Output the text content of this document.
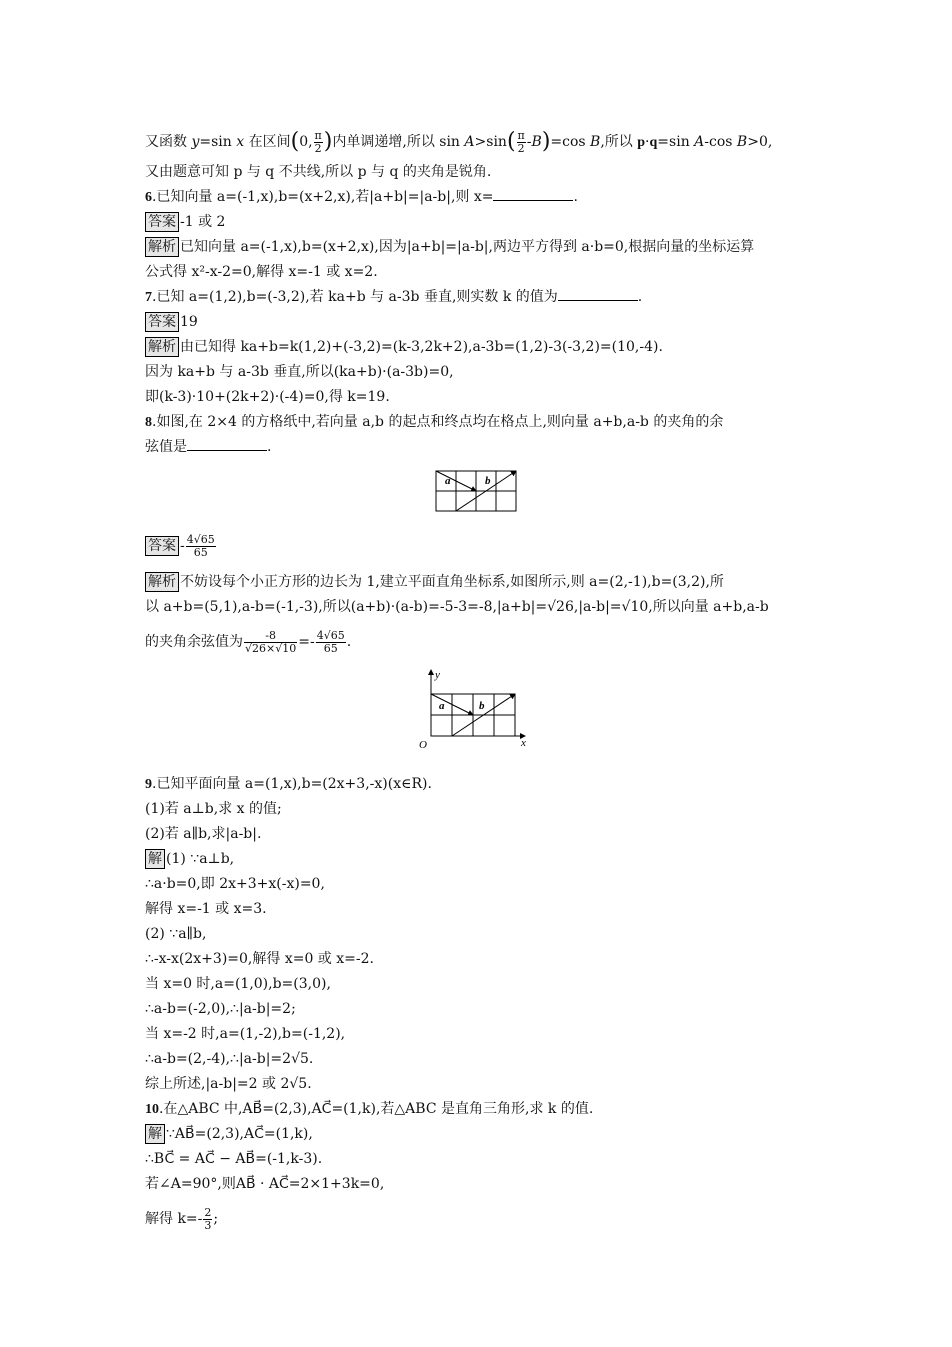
又函数 y=sin x 在区间(0, $\frac{\pi}{2}$ )内单调递增,所以 $\sin A>\sin( \frac{\pi}{2} -B)=\cos$ B,所以 p·q=sin A-cos B>0,
又由题意可知 p 与 q 不共线,所以 p 与 q 的夹角是锐角.
6.已知向量 a=(-1,x),b=(x+2,x),若|a+b|=|a-b|,则 x=	.
答案 -1 或 2
解析 已知向量 a=(-1,x),b=(x+2,x),因为|a+b|=|a-b|,两边平方得到 a·b=0,根据向量的坐标运算
公式得 x²-x-2=0,解得 x=-1 或 x=2.
7.已知 a=(1,2),b=(-3,2),若 ka+b 与 a-3b 垂直,则实数 k 的值为	.
答案 19
解析 由已知得 ka+b=k(1,2)+(-3,2)=(k-3,2k+2),a-3b=(1,2)-3(-3,2)=(10,-4).
因为 ka+b 与 a-3b 垂直,所以(ka+b)·(a-3b)=0,
即(k-3)·10+(2k+2)·(-4)=0,得 k=19.
8.如图,在 2×4 的方格纸中,若向量 a,b 的起点和终点均在格点上,则向量 a+b,a-b 的夹角的余
弦值是	.
a	b
答案 - $\frac{4√65}{65}$
解析 不妨设每个小正方形的边长为 1,建立平面直角坐标系,如图所示,则 a=(2,-1),b=(3,2),所
以 a+b=(5,1),a-b=(-1,-3),所以(a+b)·(a-b)=-5-3=-8,|a+b|=√26,|a-b|=√10,所以向量 a+b,a-b
的夹角余弦值为 $\frac{-8}{√26\times√10} =- \frac{4√65}{65}$ .
y
x
O
a	b
9.已知平面向量 a=(1,x),b=(2x+3,-x)(x∈R).
(1)若 a⊥b,求 x 的值;
(2)若 a∥b,求|a-b|.
解 (1) ∵a⊥b,
∴a·b=0,即 2x+3+x(-x)=0,
解得 x=-1 或 x=3.
(2) ∵a∥b,
∴-x-x(2x+3)=0,解得 x=0 或 x=-2.
当 x=0 时,a=(1,0),b=(3,0),
∴a-b=(-2,0),∴|a-b|=2;
当 x=-2 时,a=(1,-2),b=(-1,2),
∴a-b=(2,-4),∴|a-b|=2√5.
综上所述,|a-b|=2 或 2√5.
10.在△ABC 中,AB⃗=(2,3),AC⃗=(1,k),若△ABC 是直角三角形,求 k 的值.
解 ∵AB⃗=(2,3),AC⃗=(1,k),
∴BC⃗ = AC⃗ − AB⃗=(-1,k-3).
若∠A=90°,则AB⃗ · AC⃗=2×1+3k=0,
解得 $k=- \frac{2}{3}$ ;
